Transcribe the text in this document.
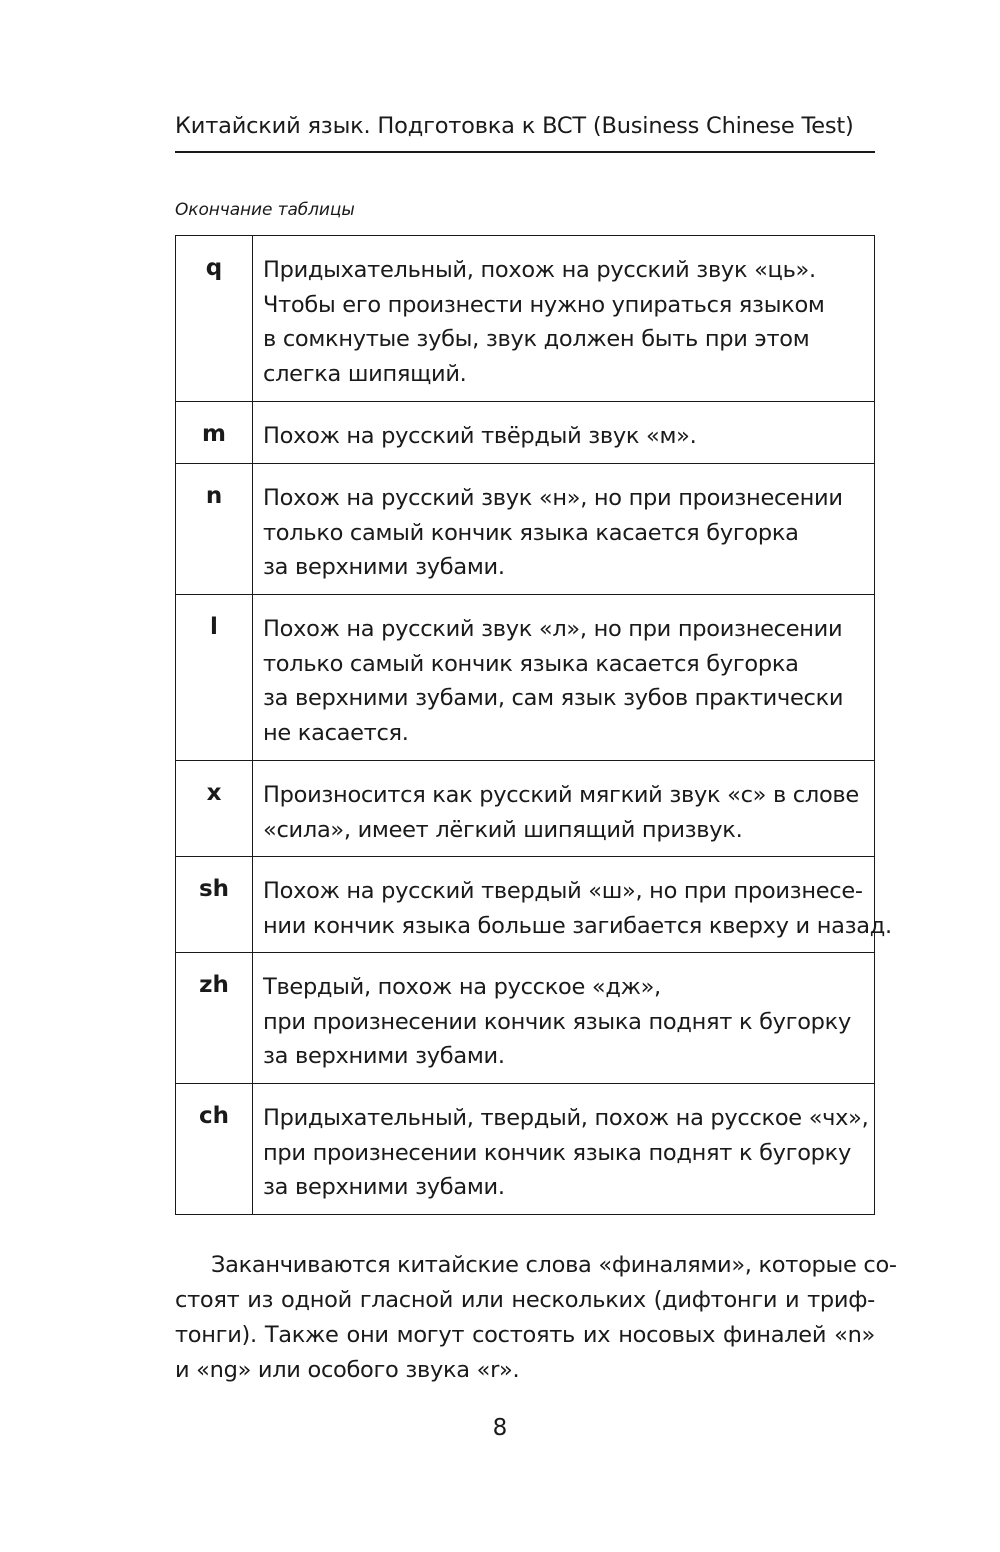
Китайский язык. Подготовка к BCT (Business Chinese Test)
Окончание таблицы
q	Придыхательный, похож на русский звук «ць».
Чтобы его произнести нужно упираться языком
в сомкнутые зубы, звук должен быть при этом
слегка шипящий.

m	Похож на русский твёрдый звук «м».

n	Похож на русский звук «н», но при произнесении
только самый кончик языка касается бугорка
за верхними зубами.

l	Похож на русский звук «л», но при произнесении
только самый кончик языка касается бугорка
за верхними зубами, сам язык зубов практически
не касается.

x	Произносится как русский мягкий звук «с» в слове
«сила», имеет лёгкий шипящий призвук.

sh	Похож на русский твердый «ш», но при произнесе-
нии кончик языка больше загибается кверху и назад.

zh	Твердый, похож на русское «дж»,
при произнесении кончик языка поднят к бугорку
за верхними зубами.

ch	Придыхательный, твердый, похож на русское «чх»,
при произнесении кончик языка поднят к бугорку
за верхними зубами.
Заканчиваются китайские слова «финалями», которые со-
стоят из одной гласной или нескольких (дифтонги и триф-
тонги). Также они могут состоять их носовых финалей «n»
и «ng» или особого звука «r».
8
